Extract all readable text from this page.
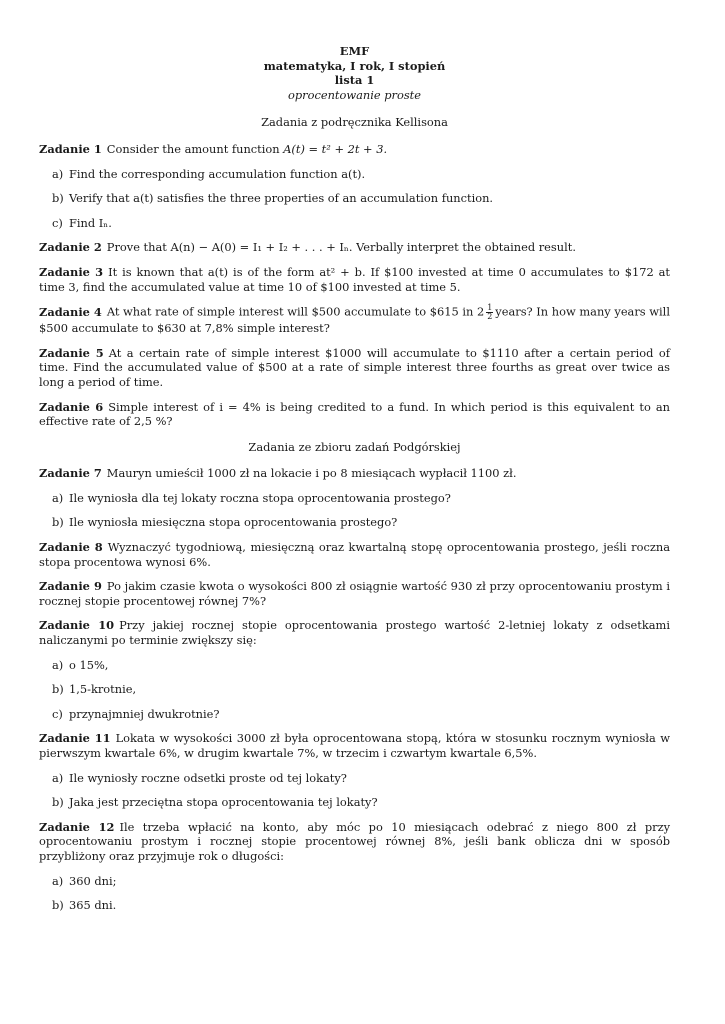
EMF
matematyka, I rok, I stopień
lista 1
oprocentowanie proste
Zadania z podręcznika Kellisona

Zadanie 1 Consider the amount function A(t) = t² + 2t + 3.

a) Find the corresponding accumulation function a(t).
b) Verify that a(t) satisfies the three properties of an accumulation function.
c) Find Iₙ.

Zadanie 2 Prove that A(n) − A(0) = I₁ + I₂ + . . . + Iₙ. Verbally interpret the obtained result.

Zadanie 3 It is known that a(t) is of the form at² + b. If $100 invested at time 0 accumulates to $172 at time 3, find the accumulated value at time 10 of $100 invested at time 5.

Zadanie 4 At what rate of simple interest will $500 accumulate to $615 in $2 \frac{1}{2}$ years? In how many years will $500 accumulate to $630 at 7,8% simple interest?

Zadanie 5 At a certain rate of simple interest $1000 will accumulate to $1110 after a certain period of time. Find the accumulated value of $500 at a rate of simple interest three fourths as great over twice as long a period of time.

Zadanie 6 Simple interest of i = 4% is being credited to a fund. In which period is this equivalent to an effective rate of 2,5 %?

Zadania ze zbioru zadań Podgórskiej

Zadanie 7 Mauryn umieścił 1000 zł na lokacie i po 8 miesiącach wypłacił 1100 zł.

a) Ile wyniosła dla tej lokaty roczna stopa oprocentowania prostego?
b) Ile wyniosła miesięczna stopa oprocentowania prostego?

Zadanie 8 Wyznaczyć tygodniową, miesięczną oraz kwartalną stopę oprocentowania prostego, jeśli roczna stopa procentowa wynosi 6%.

Zadanie 9 Po jakim czasie kwota o wysokości 800 zł osiągnie wartość 930 zł przy oprocentowaniu prostym i rocznej stopie procentowej równej 7%?

Zadanie 10 Przy jakiej rocznej stopie oprocentowania prostego wartość 2-letniej lokaty z odsetkami naliczanymi po terminie zwiększy się:

a) o 15%,
b) 1,5-krotnie,
c) przynajmniej dwukrotnie?

Zadanie 11 Lokata w wysokości 3000 zł była oprocentowana stopą, która w stosunku rocznym wyniosła w pierwszym kwartale 6%, w drugim kwartale 7%, w trzecim i czwartym kwartale 6,5%.

a) Ile wyniosły roczne odsetki proste od tej lokaty?
b) Jaka jest przeciętna stopa oprocentowania tej lokaty?

Zadanie 12 Ile trzeba wpłacić na konto, aby móc po 10 miesiącach odebrać z niego 800 zł przy oprocentowaniu prostym i rocznej stopie procentowej równej 8%, jeśli bank oblicza dni w sposób przybliżony oraz przyjmuje rok o długości:

a) 360 dni;
b) 365 dni.
